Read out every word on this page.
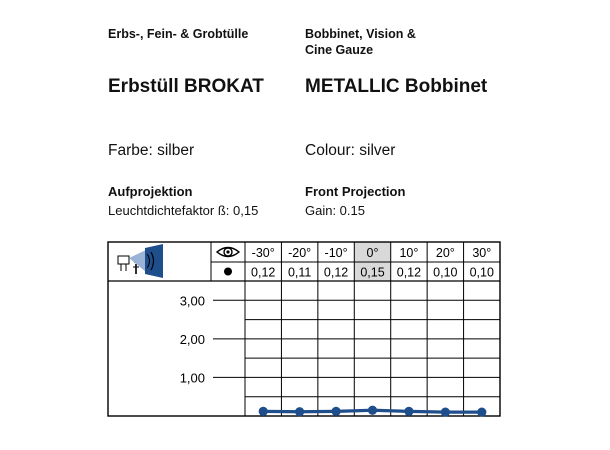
Erbs-, Fein- & Grobtülle
Erbstüll BROKAT
Farbe: silber
Aufprojektion
Leuchtdichtefaktor ß: 0,15
Bobbinet, Vision &
Cine Gauze
METALLIC Bobbinet
Colour: silver
Front Projection
Gain: 0.15
3,00
2,00
1,00
-30°
0,12
-20°
0,11
-10°
0,12
0°
0,15
10°
0,12
20°
0,10
30°
0,10
